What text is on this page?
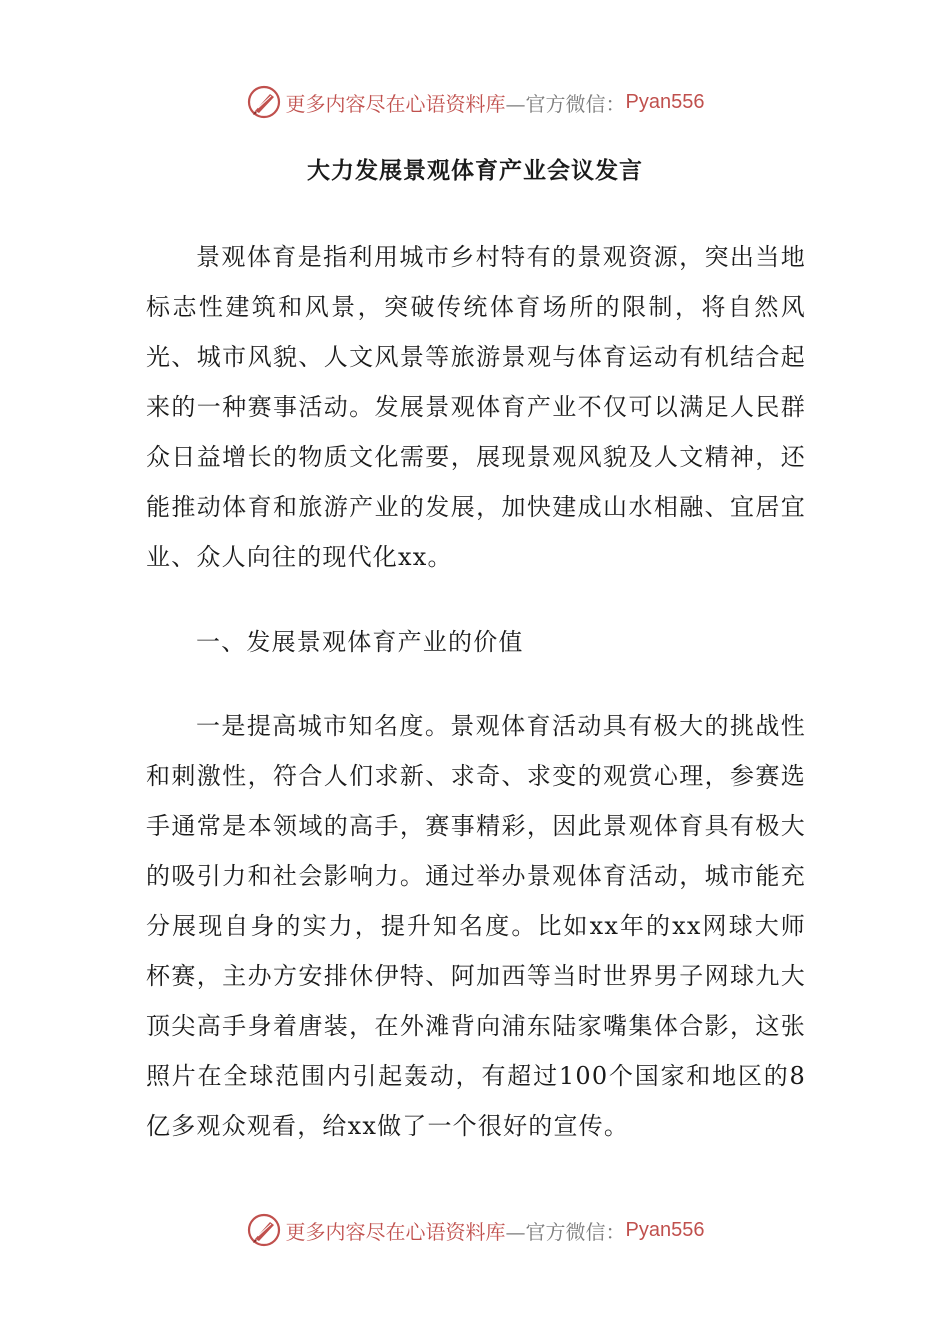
更多内容尽在心语资料库 —官方微信： Pyan556
大力发展景观体育产业会议发言

景观体育是指利用城市乡村特有的景观资源，突出当地标志性建筑和风景，突破传统体育场所的限制，将自然风光、城市风貌、人文风景等旅游景观与体育运动有机结合起来的一种赛事活动。发展景观体育产业不仅可以满足人民群众日益增长的物质文化需要，展现景观风貌及人文精神，还能推动体育和旅游产业的发展，加快建成山水相融、宜居宜业、众人向往的现代化xx。

一、发展景观体育产业的价值

一是提高城市知名度。景观体育活动具有极大的挑战性和刺激性，符合人们求新、求奇、求变的观赏心理，参赛选手通常是本领域的高手，赛事精彩，因此景观体育具有极大的吸引力和社会影响力。通过举办景观体育活动，城市能充分展现自身的实力，提升知名度。比如xx年的xx网球大师杯赛，主办方安排休伊特、阿加西等当时世界男子网球九大顶尖高手身着唐装，在外滩背向浦东陆家嘴集体合影，这张照片在全球范围内引起轰动，有超过100个国家和地区的8亿多观众观看，给xx做了一个很好的宣传。

更多内容尽在心语资料库 —官方微信： Pyan556
